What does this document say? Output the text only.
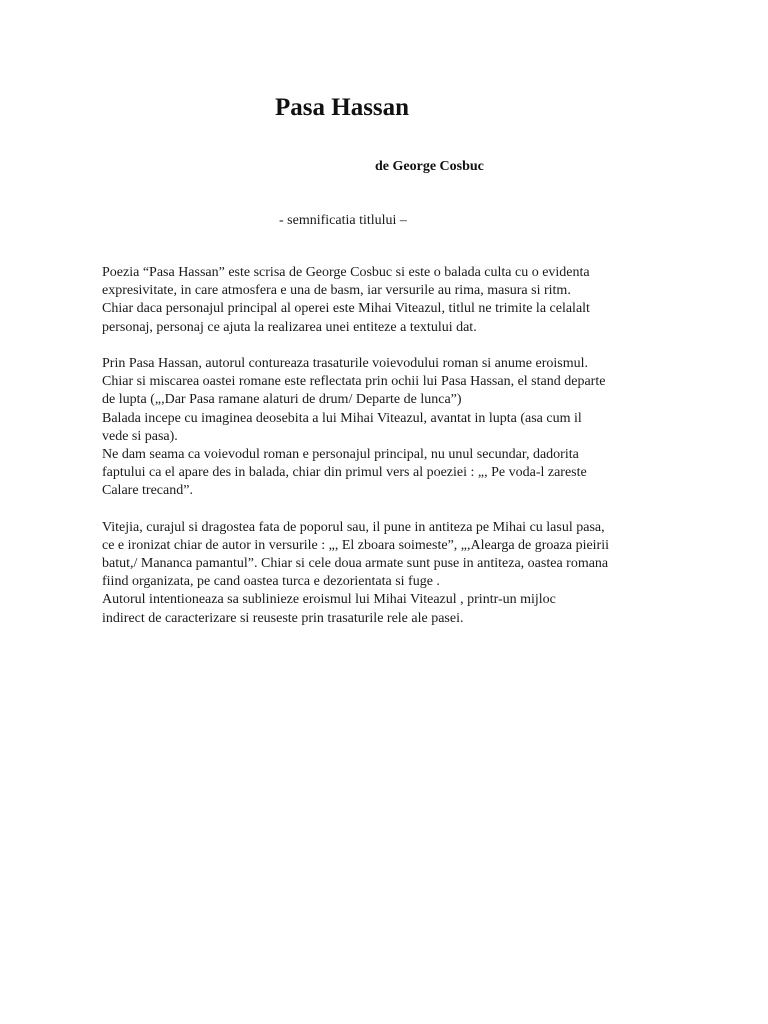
Pasa Hassan

de George Cosbuc

- semnificatia titlului –

Poezia “Pasa Hassan” este scrisa de George Cosbuc si este o balada culta cu o evidenta
expresivitate, in care atmosfera e una de basm, iar versurile au rima, masura si ritm.
Chiar daca personajul principal al operei este Mihai Viteazul, titlul ne trimite la celalalt
personaj, personaj ce ajuta la realizarea unei entiteze a textului dat.
Prin Pasa Hassan, autorul contureaza trasaturile voievodului roman si anume eroismul.
Chiar si miscarea oastei romane este reflectata prin ochii lui Pasa Hassan, el stand departe
de lupta („,Dar Pasa ramane alaturi de drum/ Departe de lunca”)
Balada incepe cu imaginea deosebita a lui Mihai Viteazul, avantat in lupta (asa cum il
vede si pasa).
Ne dam seama ca voievodul roman e personajul principal, nu unul secundar, dadorita
faptului ca el apare des in balada, chiar din primul vers al poeziei : „, Pe voda-l zareste
Calare trecand”.
Vitejia, curajul si dragostea fata de poporul sau, il pune in antiteza pe Mihai cu lasul pasa,
ce e ironizat chiar de autor in versurile : „, El zboara soimeste”, „,Alearga de groaza pieirii
batut,/ Mananca pamantul”. Chiar si cele doua armate sunt puse in antiteza, oastea romana
fiind organizata, pe cand oastea turca e dezorientata si fuge .
Autorul intentioneaza sa sublinieze eroismul lui Mihai Viteazul , printr-un mijloc
indirect de caracterizare si reuseste prin trasaturile rele ale pasei.
